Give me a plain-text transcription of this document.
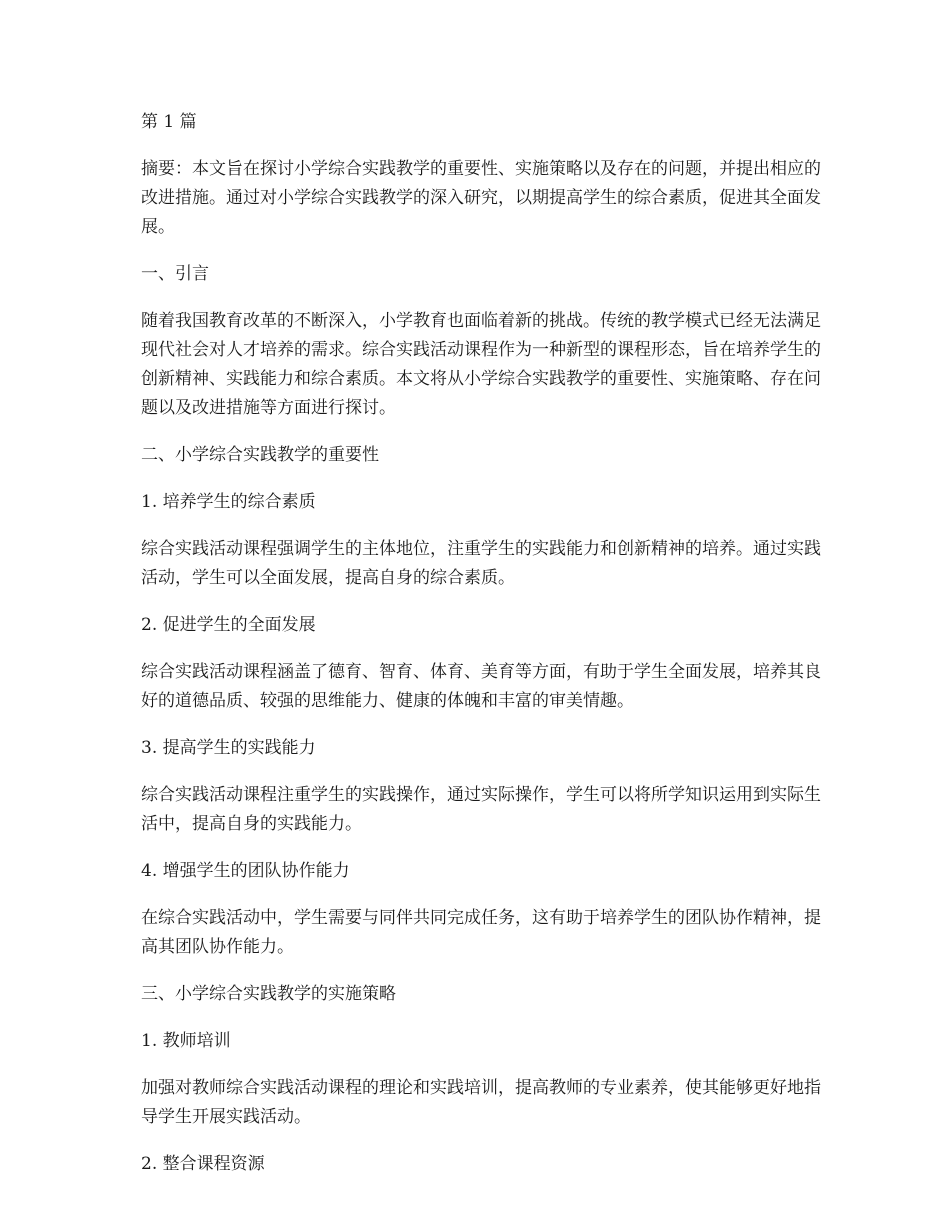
第 1 篇

摘要：本文旨在探讨小学综合实践教学的重要性、实施策略以及存在的问题，并提出相应的改进措施。通过对小学综合实践教学的深入研究，以期提高学生的综合素质，促进其全面发展。

一、引言

随着我国教育改革的不断深入，小学教育也面临着新的挑战。传统的教学模式已经无法满足现代社会对人才培养的需求。综合实践活动课程作为一种新型的课程形态，旨在培养学生的创新精神、实践能力和综合素质。本文将从小学综合实践教学的重要性、实施策略、存在问题以及改进措施等方面进行探讨。

二、小学综合实践教学的重要性

1. 培养学生的综合素质

综合实践活动课程强调学生的主体地位，注重学生的实践能力和创新精神的培养。通过实践活动，学生可以全面发展，提高自身的综合素质。

2. 促进学生的全面发展

综合实践活动课程涵盖了德育、智育、体育、美育等方面，有助于学生全面发展，培养其良好的道德品质、较强的思维能力、健康的体魄和丰富的审美情趣。

3. 提高学生的实践能力

综合实践活动课程注重学生的实践操作，通过实际操作，学生可以将所学知识运用到实际生活中，提高自身的实践能力。

4. 增强学生的团队协作能力

在综合实践活动中，学生需要与同伴共同完成任务，这有助于培养学生的团队协作精神，提高其团队协作能力。

三、小学综合实践教学的实施策略

1. 教师培训

加强对教师综合实践活动课程的理论和实践培训，提高教师的专业素养，使其能够更好地指导学生开展实践活动。

2. 整合课程资源
